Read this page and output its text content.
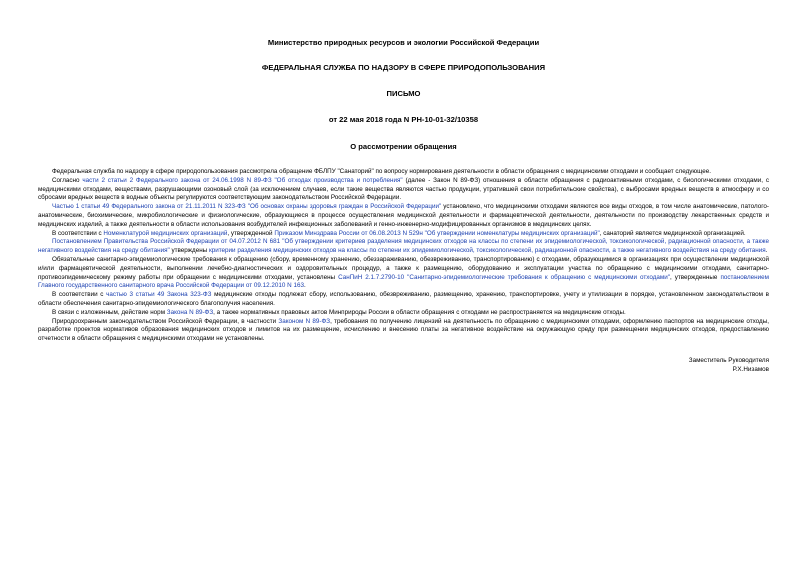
Министерство природных ресурсов и экологии Российской Федерации
ФЕДЕРАЛЬНАЯ СЛУЖБА ПО НАДЗОРУ В СФЕРЕ ПРИРОДОПОЛЬЗОВАНИЯ
ПИСЬМО
от 22 мая 2018 года N РН-10-01-32/10358
О рассмотрении обращения

Федеральная служба по надзору в сфере природопользования рассмотрела обращение ФБЛПУ "Санаторий" по вопросу нормирования деятельности в области обращения с медицинскими отходами и сообщает следующее.

Согласно части 2 статьи 2 Федерального закона от 24.06.1998 N 89-ФЗ "Об отходах производства и потребления" (далее - Закон N 89-ФЗ) отношения в области обращения с радиоактивными отходами, с биологическими отходами, с медицинскими отходами, веществами, разрушающими озоновый слой (за исключением случаев, если такие вещества являются частью продукции, утратившей свои потребительские свойства), с выбросами вредных веществ в атмосферу и со сбросами вредных веществ в водные объекты регулируются соответствующим законодательством Российской Федерации.

Частью 1 статьи 49 Федерального закона от 21.11.2011 N 323-ФЗ "Об основах охраны здоровья граждан в Российской Федерации" установлено, что медицинскими отходами являются все виды отходов, в том числе анатомические, патолого-анатомические, биохимические, микробиологические и физиологические, образующиеся в процессе осуществления медицинской деятельности и фармацевтической деятельности, деятельности по производству лекарственных средств и медицинских изделий, а также деятельности в области использования возбудителей инфекционных заболеваний и генно-инженерно-модифицированных организмов в медицинских целях.

В соответствии с Номенклатурой медицинских организаций, утвержденной Приказом Минздрава России от 06.08.2013 N 529н "Об утверждении номенклатуры медицинских организаций", санаторий является медицинской организацией.

Постановлением Правительства Российской Федерации от 04.07.2012 N 681 "Об утверждении критериев разделения медицинских отходов на классы по степени их эпидемиологической, токсикологической, радиационной опасности, а также негативного воздействия на среду обитания" утверждены критерии разделения медицинских отходов на классы по степени их эпидемиологической, токсикологической, радиационной опасности, а также негативного воздействия на среду обитания.

Обязательные санитарно-эпидемиологические требования к обращению (сбору, временному хранению, обеззараживанию, обезвреживанию, транспортированию) с отходами, образующимися в организациях при осуществлении медицинской и/или фармацевтической деятельности, выполнении лечебно-диагностических и оздоровительных процедур, а также к размещению, оборудованию и эксплуатации участка по обращению с медицинскими отходами, санитарно-противоэпидемическому режиму работы при обращении с медицинскими отходами, установлены СанПиН 2.1.7.2790-10 "Санитарно-эпидемиологические требования к обращению с медицинскими отходами", утвержденные постановлением Главного государственного санитарного врача Российской Федерации от 09.12.2010 N 163.

В соответствии с частью 3 статьи 49 Закона 323-ФЗ медицинские отходы подлежат сбору, использованию, обезвреживанию, размещению, хранению, транспортировке, учету и утилизации в порядке, установленном законодательством в области обеспечения санитарно-эпидемиологического благополучия населения.

В связи с изложенным, действие норм Закона N 89-ФЗ, а также нормативных правовых актов Минприроды России в области обращения с отходами не распространяется на медицинские отходы.

Природоохранным законодательством Российской Федерации, в частности Законом N 89-ФЗ, требования по получению лицензий на деятельность по обращению с медицинскими отходами, оформлению паспортов на медицинские отходы, разработке проектов нормативов образования медицинских отходов и лимитов на их размещение, исчислению и внесению платы за негативное воздействие на окружающую среду при размещении медицинских отходов, предоставлению отчетности в области обращения с медицинскими отходами не установлены.

Заместитель Руководителя
Р.Х.Низамов
